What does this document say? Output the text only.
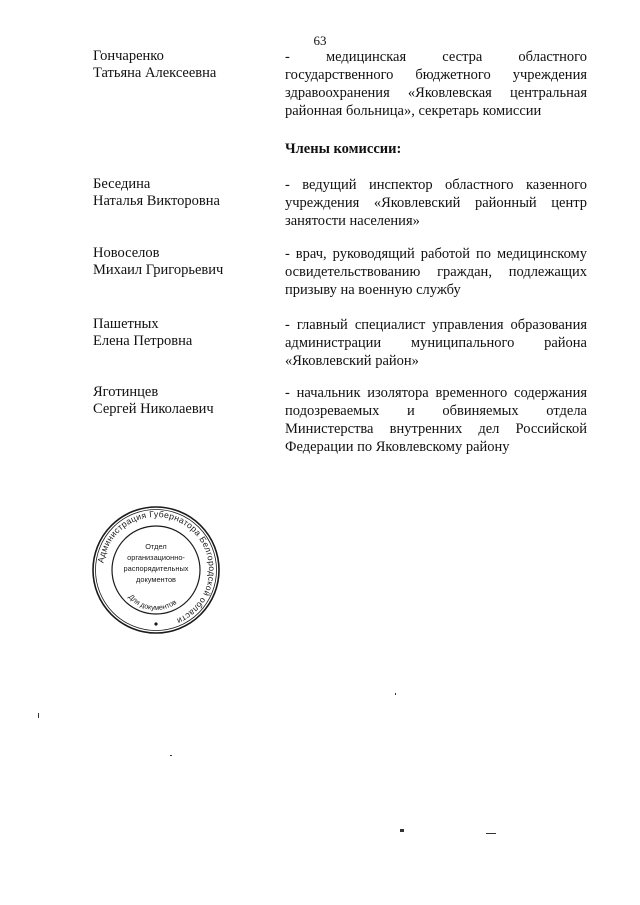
63
Гончаренко
Татьяна Алексеевна
- медицинская сестра областного государственного бюджетного учреждения здравоохранения «Яковлевская центральная районная больница», секретарь комиссии
Члены комиссии:
Беседина
Наталья Викторовна
- ведущий инспектор областного казенного учреждения «Яковлевский районный центр занятости населения»
Новоселов
Михаил Григорьевич
- врач, руководящий работой по медицинскому освидетельствованию граждан, подлежащих призыву на военную службу
Пашетных
Елена Петровна
- главный специалист управления образования администрации муниципального района «Яковлевский район»
Яготинцев
Сергей Николаевич
- начальник изолятора временного содержания подозреваемых и обвиняемых отдела Министерства внутренних дел Российской Федерации по Яковлевскому району
Администрация Губернатора Белгородской области
Для документов
Отдел
организационно-
распорядительных
документов
